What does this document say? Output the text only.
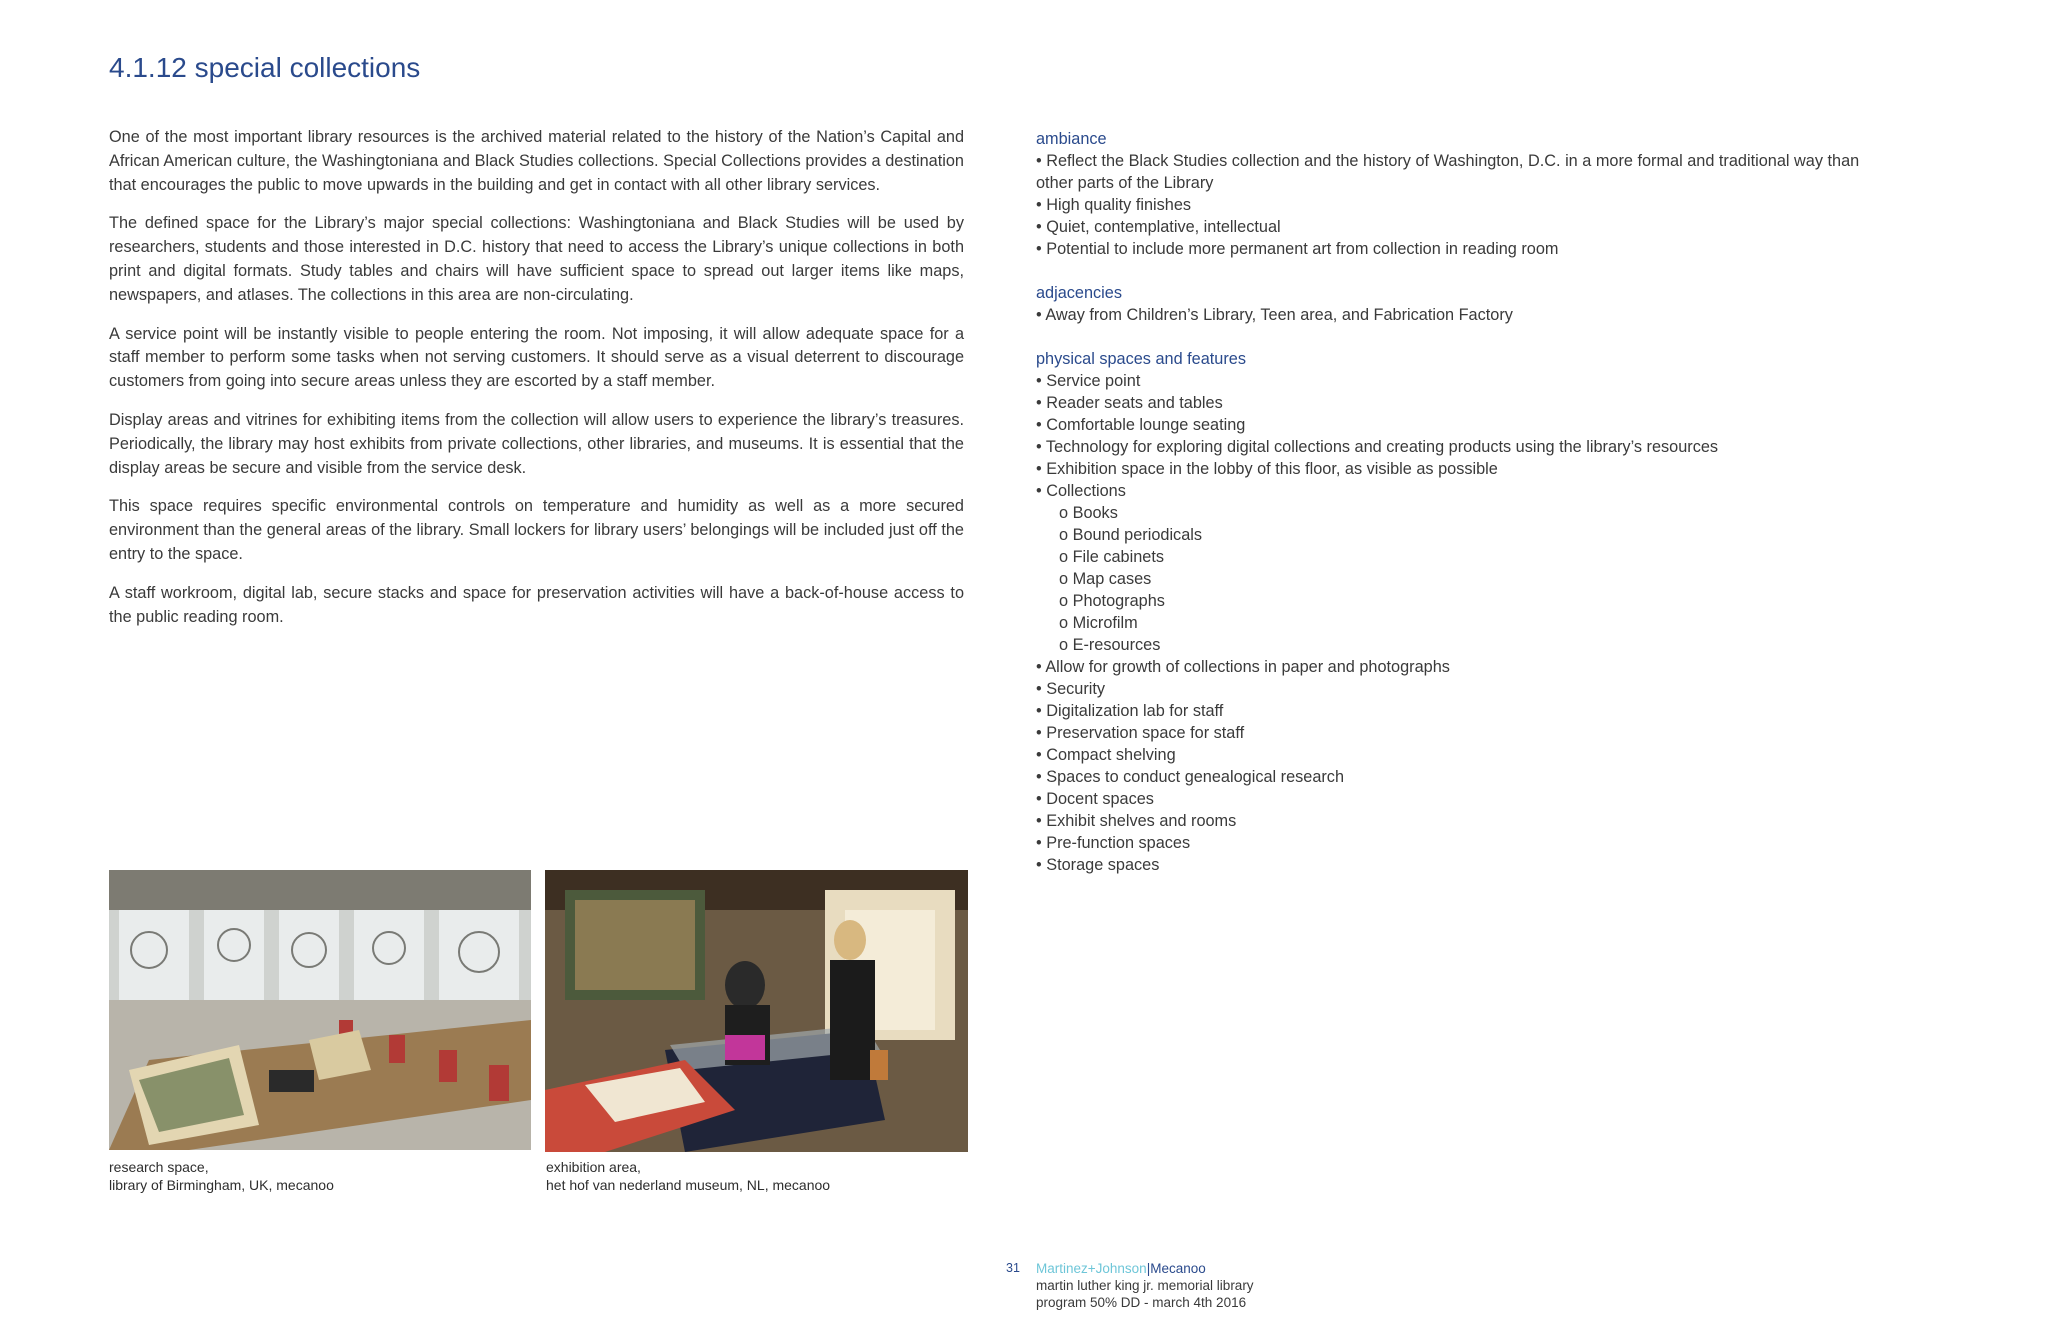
4.1.12 special collections

One of the most important library resources is the archived material related to the history of the Nation’s Capital and African American culture, the Washingtoniana and Black Studies collections. Special Collections provides a destination that encourages the public to move upwards in the building and get in contact with all other library services.

The defined space for the Library’s major special collections: Washingtoniana and Black Studies will be used by researchers, students and those interested in D.C. history that need to access the Library’s unique collections in both print and digital formats. Study tables and chairs will have sufficient space to spread out larger items like maps, newspapers, and atlases. The collections in this area are non-circulating.

A service point will be instantly visible to people entering the room. Not imposing, it will allow adequate space for a staff member to perform some tasks when not serving customers. It should serve as a visual deterrent to discourage customers from going into secure areas unless they are escorted by a staff member.

Display areas and vitrines for exhibiting items from the collection will allow users to experience the library’s treasures. Periodically, the library may host exhibits from private collections, other libraries, and museums. It is essential that the display areas be secure and visible from the service desk.

This space requires specific environmental controls on temperature and humidity as well as a more secured environment than the general areas of the library. Small lockers for library users’ belongings will be included just off the entry to the space.

A staff workroom, digital lab, secure stacks and space for preservation activities will have a back-of-house access to the public reading room.

ambiance
• Reflect the Black Studies collection and the history of Washington, D.C. in a more formal and traditional way than
other parts of the Library
• High quality finishes
• Quiet, contemplative, intellectual
• Potential to include more permanent art from collection in reading room
adjacencies
• Away from Children’s Library, Teen area, and Fabrication Factory
physical spaces and features
• Service point
• Reader seats and tables
• Comfortable lounge seating
• Technology for exploring digital collections and creating products using the library’s resources
• Exhibition space in the lobby of this floor, as visible as possible
• Collections
o Books
o Bound periodicals
o File cabinets
o Map cases
o Photographs
o Microfilm
o E-resources
• Allow for growth of collections in paper and photographs
• Security
• Digitalization lab for staff
• Preservation space for staff
• Compact shelving
• Spaces to conduct genealogical research
• Docent spaces
• Exhibit shelves and rooms
• Pre-function spaces
• Storage spaces
research space,
library of Birmingham, UK, mecanoo
exhibition area,
het hof van nederland museum, NL, mecanoo
31 Martinez+Johnson|Mecanoo
martin luther king jr. memorial library
program 50% DD - march 4th 2016
